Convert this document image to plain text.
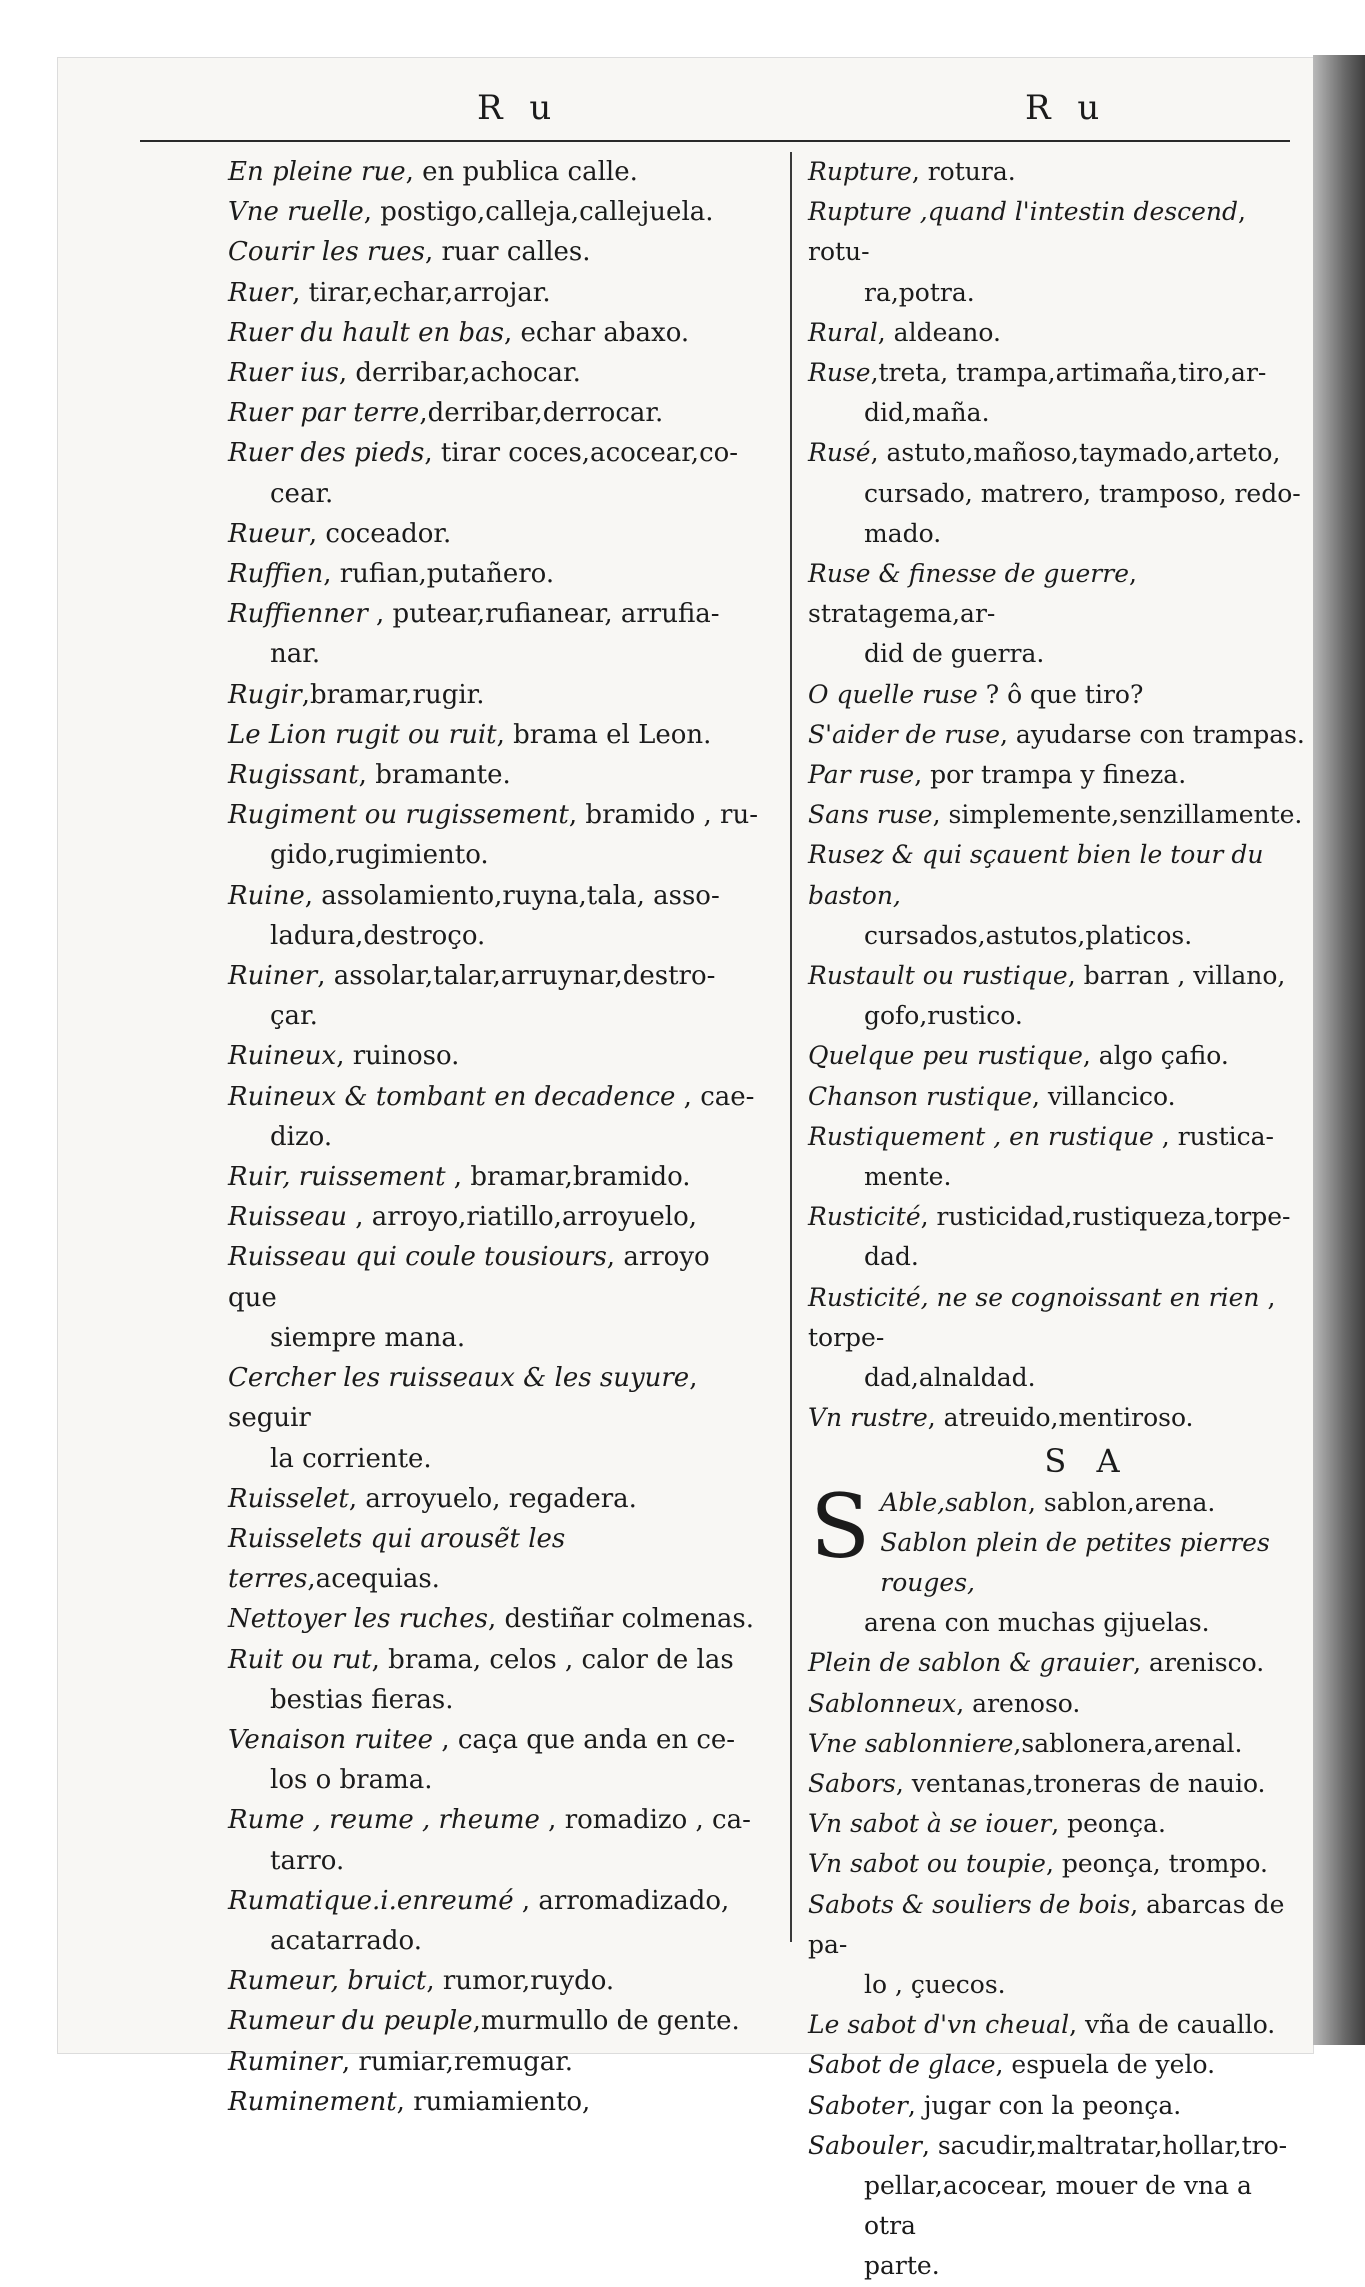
R u	R u

En pleine rue, en publica calle.

Vne ruelle, postigo,calleja,callejuela.

Courir les rues, ruar calles.

Ruer, tirar,echar,arrojar.

Ruer du hault en bas, echar abaxo.

Ruer ius, derribar,achocar.

Ruer par terre,derribar,derrocar.

Ruer des pieds, tirar coces,acocear,co-
cear.

Rueur, coceador.

Ruffien, rufian,putañero.

Ruffienner , putear,rufianear, arrufia-
nar.

Rugir,bramar,rugir.

Le Lion rugit ou ruit, brama el Leon.

Rugissant, bramante.

Rugiment ou rugissement, bramido , ru-
gido,rugimiento.

Ruine, assolamiento,ruyna,tala, asso-
ladura,destroço.

Ruiner, assolar,talar,arruynar,destro-
çar.

Ruineux, ruinoso.

Ruineux & tombant en decadence , cae-
dizo.

Ruir, ruissement , bramar,bramido.

Ruisseau , arroyo,riatillo,arroyuelo,

Ruisseau qui coule tousiours, arroyo que
siempre mana.

Cercher les ruisseaux & les suyure, seguir
la corriente.

Ruisselet, arroyuelo, regadera.

Ruisselets qui arousẽt les terres,acequias.

Nettoyer les ruches, destiñar colmenas.

Ruit ou rut, brama, celos , calor de las
bestias fieras.

Venaison ruitee , caça que anda en ce-
los o brama.

Rume , reume , rheume , romadizo , ca-
tarro.

Rumatique.i.enreumé , arromadizado,
acatarrado.

Rumeur, bruict, rumor,ruydo.

Rumeur du peuple,murmullo de gente.

Ruminer, rumiar,remugar.

Ruminement, rumiamiento,

Rupture, rotura.

Rupture ,quand l'intestin descend, rotu-
ra,potra.

Rural, aldeano.

Ruse,treta, trampa,artimaña,tiro,ar-
did,maña.

Rusé, astuto,mañoso,taymado,arteto,
cursado, matrero, tramposo, redo-
mado.

Ruse & finesse de guerre, stratagema,ar-
did de guerra.

O quelle ruse ? ô que tiro?

S'aider de ruse, ayudarse con trampas.

Par ruse, por trampa y fineza.

Sans ruse, simplemente,senzillamente.

Rusez & qui sçauent bien le tour du baston,
cursados,astutos,platicos.

Rustault ou rustique, barran , villano,
gofo,rustico.

Quelque peu rustique, algo çafio.

Chanson rustique, villancico.

Rustiquement , en rustique , rustica-
mente.

Rusticité, rusticidad,rustiqueza,torpe-
dad.

Rusticité, ne se cognoissant en rien , torpe-
dad,alnaldad.

Vn rustre, atreuido,mentiroso.

S A

S Able,sablon, sablon,arena.

Sablon plein de petites pierres rouges,
arena con muchas gijuelas.

Plein de sablon & grauier, arenisco.

Sablonneux, arenoso.

Vne sablonniere,sablonera,arenal.

Sabors, ventanas,troneras de nauio.

Vn sabot à se iouer, peonça.

Vn sabot ou toupie, peonça, trompo.

Sabots & souliers de bois, abarcas de pa-
lo , çuecos.

Le sabot d'vn cheual, vña de cauallo.

Sabot de glace, espuela de yelo.

Saboter, jugar con la peonça.

Sabouler, sacudir,maltratar,hollar,tro-
pellar,acocear, mouer de vna a otra
parte.
